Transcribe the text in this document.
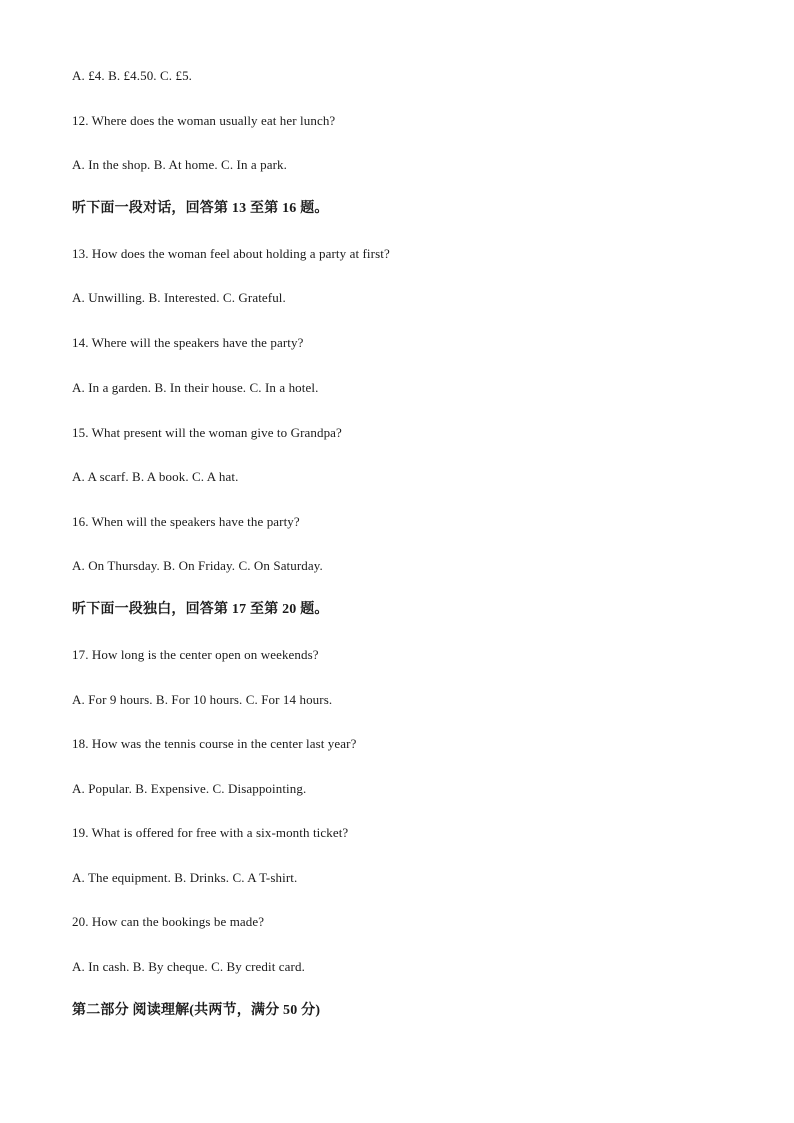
A. £4. B. £4.50. C. £5.
12. Where does the woman usually eat her lunch?
A. In the shop. B. At home. C. In a park.
听下面一段对话，回答第 13 至第 16 题。
13. How does the woman feel about holding a party at first?
A. Unwilling. B. Interested. C. Grateful.
14. Where will the speakers have the party?
A. In a garden. B. In their house. C. In a hotel.
15. What present will the woman give to Grandpa?
A. A scarf. B. A book. C. A hat.
16. When will the speakers have the party?
A. On Thursday. B. On Friday. C. On Saturday.
听下面一段独白，回答第 17 至第 20 题。
17. How long is the center open on weekends?
A. For 9 hours. B. For 10 hours. C. For 14 hours.
18. How was the tennis course in the center last year?
A. Popular. B. Expensive. C. Disappointing.
19. What is offered for free with a six-month ticket?
A. The equipment. B. Drinks. C. A T-shirt.
20. How can the bookings be made?
A. In cash. B. By cheque. C. By credit card.
第二部分 阅读理解(共两节，满分 50 分)
